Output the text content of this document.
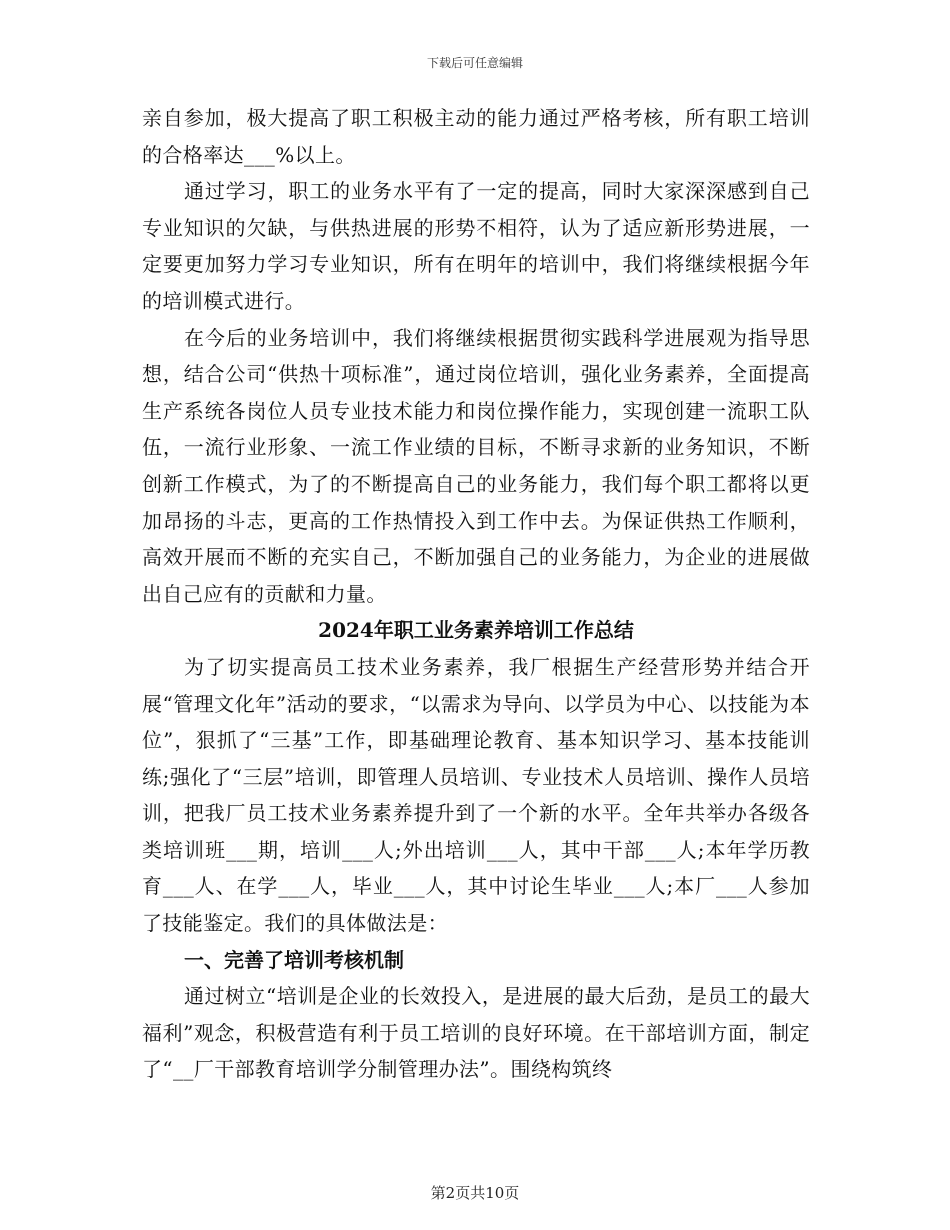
下载后可任意编辑

亲自参加，极大提高了职工积极主动的能力通过严格考核，所有职工培训的合格率达___%以上。

通过学习，职工的业务水平有了一定的提高，同时大家深深感到自己专业知识的欠缺，与供热进展的形势不相符，认为了适应新形势进展，一定要更加努力学习专业知识，所有在明年的培训中，我们将继续根据今年的培训模式进行。

在今后的业务培训中，我们将继续根据贯彻实践科学进展观为指导思想，结合公司“供热十项标准”，通过岗位培训，强化业务素养，全面提高生产系统各岗位人员专业技术能力和岗位操作能力，实现创建一流职工队伍，一流行业形象、一流工作业绩的目标，不断寻求新的业务知识，不断创新工作模式，为了的不断提高自己的业务能力，我们每个职工都将以更加昂扬的斗志，更高的工作热情投入到工作中去。为保证供热工作顺利，高效开展而不断的充实自己，不断加强自己的业务能力，为企业的进展做出自己应有的贡献和力量。

2024年职工业务素养培训工作总结

为了切实提高员工技术业务素养，我厂根据生产经营形势并结合开展“管理文化年”活动的要求，“以需求为导向、以学员为中心、以技能为本位”，狠抓了“三基”工作，即基础理论教育、基本知识学习、基本技能训练;强化了“三层”培训，即管理人员培训、专业技术人员培训、操作人员培训，把我厂员工技术业务素养提升到了一个新的水平。全年共举办各级各类培训班___期，培训___人;外出培训___人，其中干部___人;本年学历教育___人、在学___人，毕业___人，其中讨论生毕业___人;本厂___人参加了技能鉴定。我们的具体做法是：

一、完善了培训考核机制

通过树立“培训是企业的长效投入，是进展的最大后劲，是员工的最大福利”观念，积极营造有利于员工培训的良好环境。在干部培训方面，制定了“__厂干部教育培训学分制管理办法”。围绕构筑终

第2页共10页
